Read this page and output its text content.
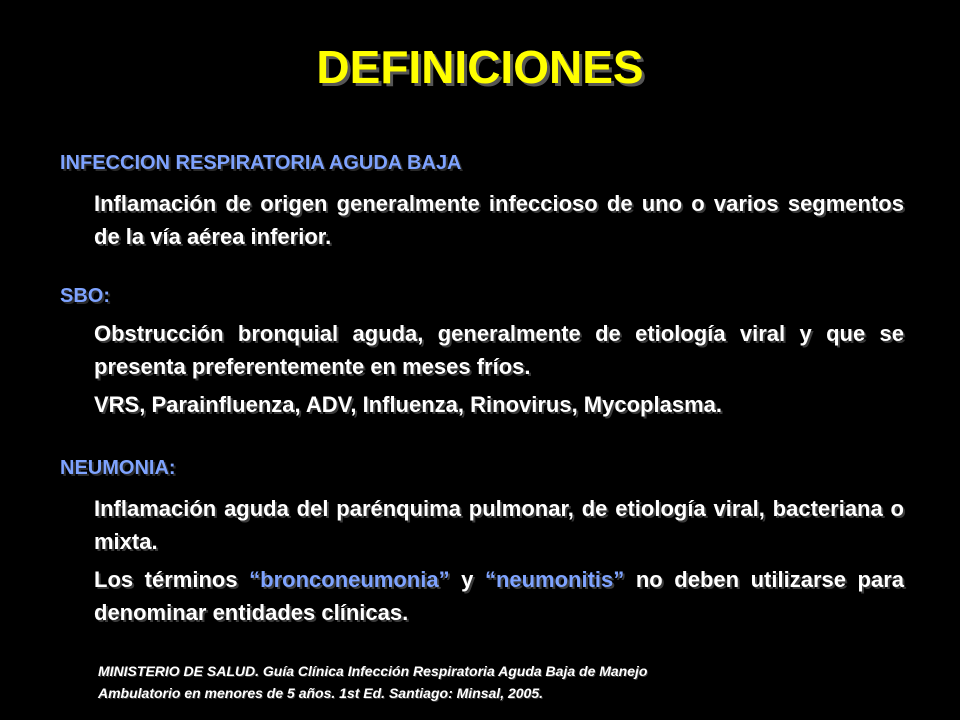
DEFINICIONES
INFECCION RESPIRATORIA AGUDA BAJA
Inflamación de origen generalmente infeccioso de uno o varios segmentos de la vía aérea inferior.
SBO:
Obstrucción bronquial aguda, generalmente de etiología viral y que se presenta preferentemente en meses fríos.
VRS, Parainfluenza, ADV, Influenza, Rinovirus, Mycoplasma.
NEUMONIA:
Inflamación aguda del parénquima pulmonar, de etiología viral, bacteriana o mixta.
Los términos “bronconeumonia” y “neumonitis” no deben utilizarse para denominar entidades clínicas.
MINISTERIO DE SALUD. Guía Clínica Infección Respiratoria Aguda Baja de Manejo
Ambulatorio en menores de 5 años. 1st Ed. Santiago: Minsal, 2005.
